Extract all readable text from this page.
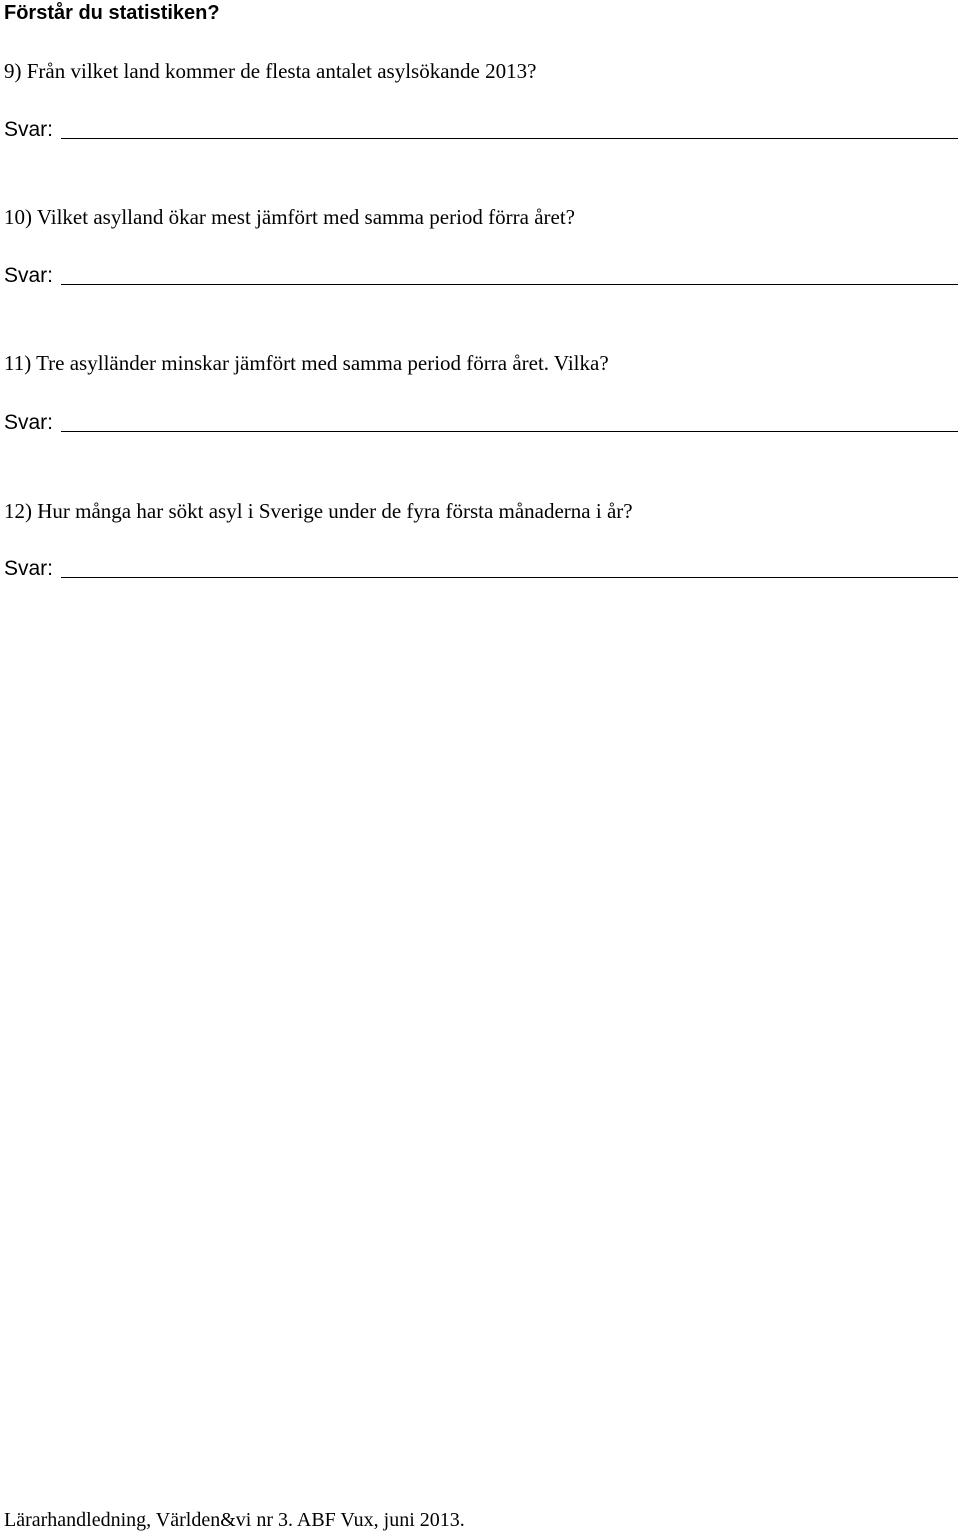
Förstår du statistiken?
9) Från vilket land kommer de flesta antalet asylsökande 2013?
Svar:
10) Vilket asylland ökar mest jämfört med samma period förra året?
Svar:
11) Tre asylländer minskar jämfört med samma period förra året. Vilka?
Svar:
12) Hur många har sökt asyl i Sverige under de fyra första månaderna i år?
Svar:
Lärarhandledning, Världen&vi nr 3. ABF Vux, juni 2013.
